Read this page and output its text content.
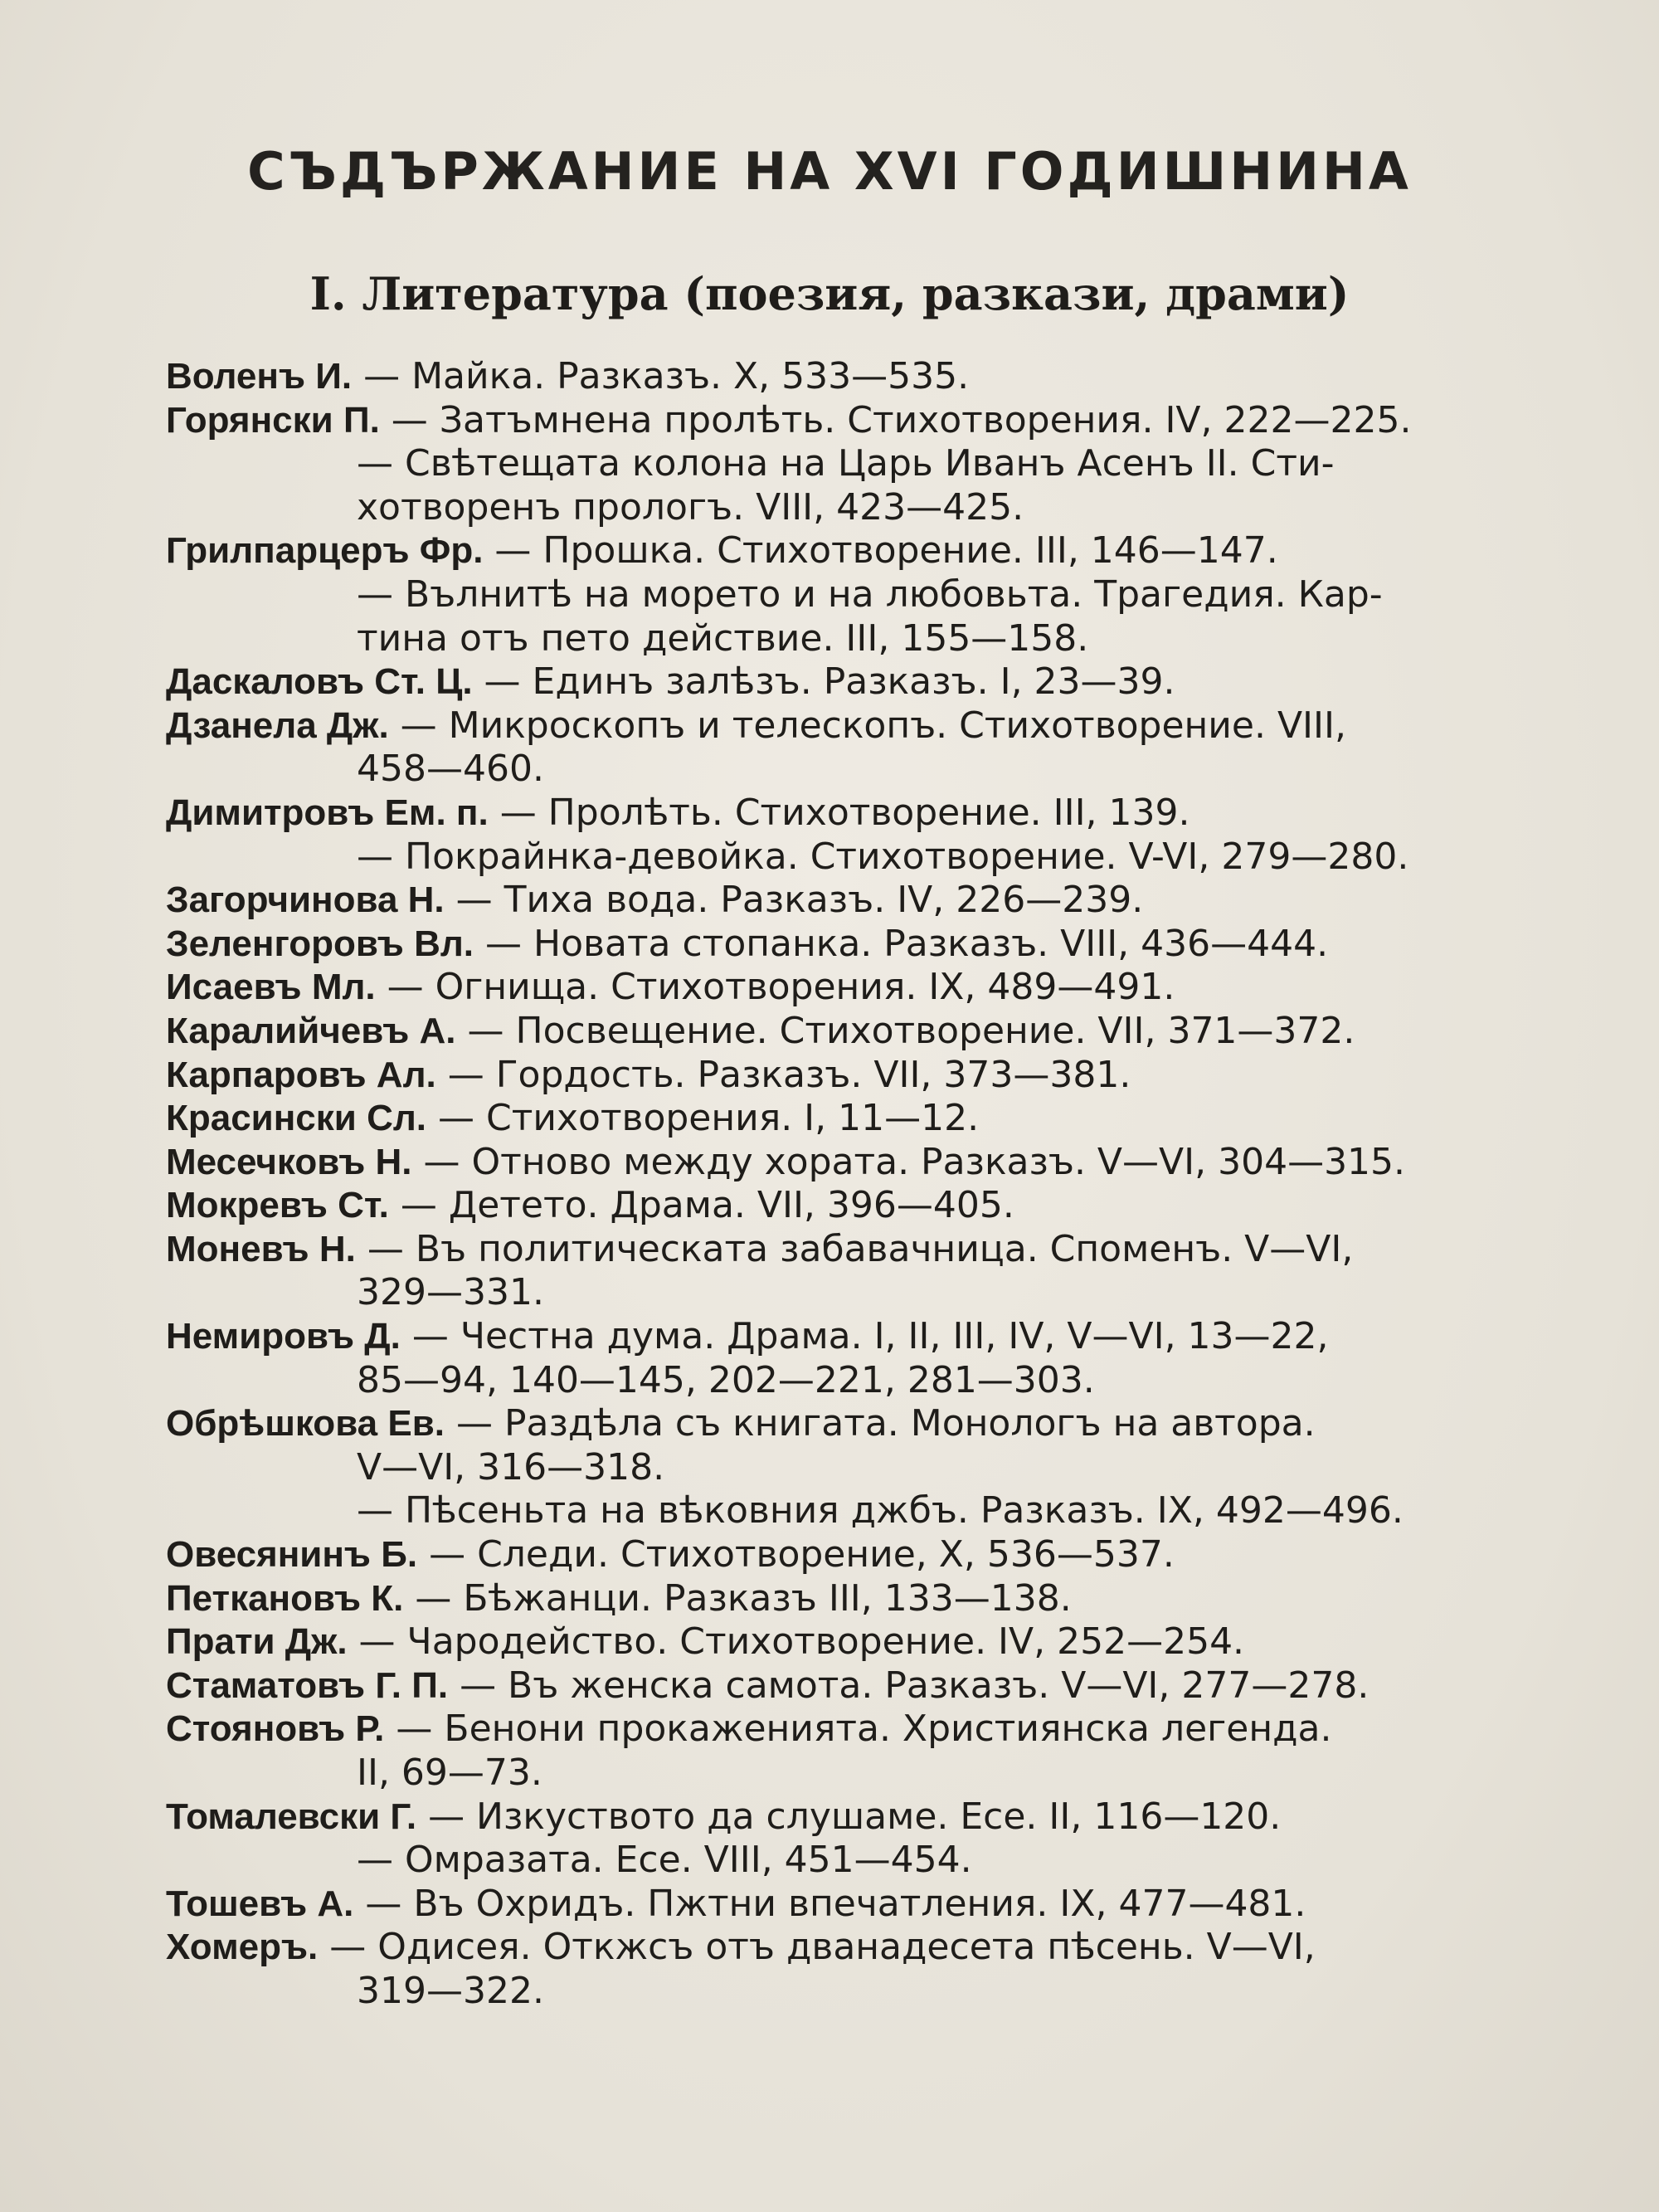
СЪДЪРЖАНИЕ НА XVI ГОДИШНИНА
I. Литература (поезия, разкази, драми)
Воленъ И. — Майка. Разказъ. X, 533—535.
Горянски П. — Затъмнена пролѣть. Стихотворения. IV, 222—225.
— Свѣтещата колона на Царь Иванъ Асенъ II. Сти-
хотворенъ прологъ. VIII, 423—425.
Грилпарцеръ Фр. — Прошка. Стихотворение. III, 146—147.
— Вълнитѣ на морето и на любовьта. Трагедия. Кар-
тина отъ пето действие. III, 155—158.
Даскаловъ Ст. Ц. — Единъ залѣзъ. Разказъ. I, 23—39.
Дзанела Дж. — Микроскопъ и телескопъ. Стихотворение. VIII,
458—460.
Димитровъ Ем. п. — Пролѣть. Стихотворение. III, 139.
— Покрайнка-девойка. Стихотворение. V-VI, 279—280.
Загорчинова Н. — Тиха вода. Разказъ. IV, 226—239.
Зеленгоровъ Вл. — Новата стопанка. Разказъ. VIII, 436—444.
Исаевъ Мл. — Огнища. Стихотворения. IX, 489—491.
Каралийчевъ А. — Посвещение. Стихотворение. VII, 371—372.
Карпаровъ Ал. — Гордость. Разказъ. VII, 373—381.
Красински Сл. — Стихотворения. I, 11—12.
Месечковъ Н. — Отново между хората. Разказъ. V—VI, 304—315.
Мокревъ Ст. — Детето. Драма. VII, 396—405.
Моневъ Н. — Въ политическата забавачница. Споменъ. V—VI,
329—331.
Немировъ Д. — Честна дума. Драма. I, II, III, IV, V—VI, 13—22,
85—94, 140—145, 202—221, 281—303.
Обрѣшкова Ев. — Раздѣла съ книгата. Монологъ на автора.
V—VI, 316—318.
— Пѣсеньта на вѣковния джбъ. Разказъ. IX, 492—496.
Овесянинъ Б. — Следи. Стихотворение, X, 536—537.
Петкановъ К. — Бѣжанци. Разказъ III, 133—138.
Прати Дж. — Чародейство. Стихотворение. IV, 252—254.
Стаматовъ Г. П. — Въ женска самота. Разказъ. V—VI, 277—278.
Стояновъ Р. — Бенони прокаженията. Християнска легенда.
II, 69—73.
Томалевски Г. — Изкуството да слушаме. Есе. II, 116—120.
— Омразата. Есе. VIII, 451—454.
Тошевъ А. — Въ Охридъ. Пжтни впечатления. IX, 477—481.
Хомеръ. — Одисея. Откжсъ отъ дванадесета пѣсень. V—VI,
319—322.
